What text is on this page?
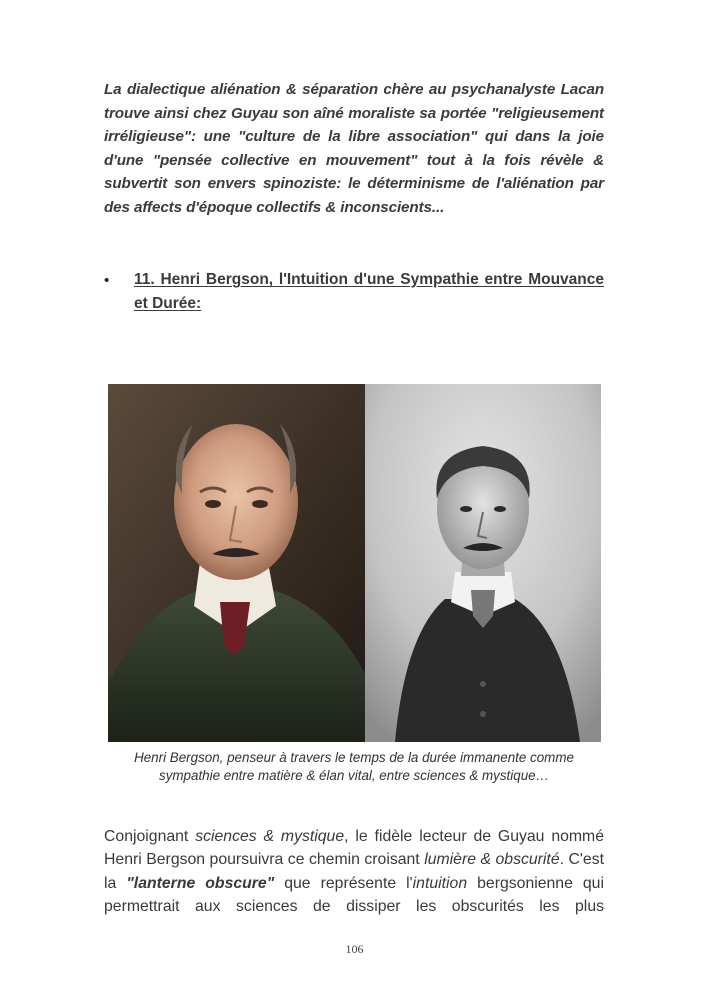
La dialectique aliénation & séparation chère au psychanalyste Lacan trouve ainsi chez Guyau son aîné moraliste sa portée "religieusement irréligieuse": une "culture de la libre association" qui dans la joie d'une "pensée collective en mouvement" tout à la fois révèle & subvertit son envers spinoziste: le déterminisme de l'aliénation par des affects d'époque collectifs & inconscients...

• 11. Henri Bergson, l'Intuition d'une Sympathie entre Mouvance et Durée:

Henri Bergson, penseur à travers le temps de la durée immanente comme sympathie entre matière & élan vital, entre sciences & mystique…

Conjoignant sciences & mystique, le fidèle lecteur de Guyau nommé Henri Bergson poursuivra ce chemin croisant lumière & obscurité. C'est la "lanterne obscure" que représente l'intuition bergsonienne qui permettrait aux sciences de dissiper les obscurités les plus

106
